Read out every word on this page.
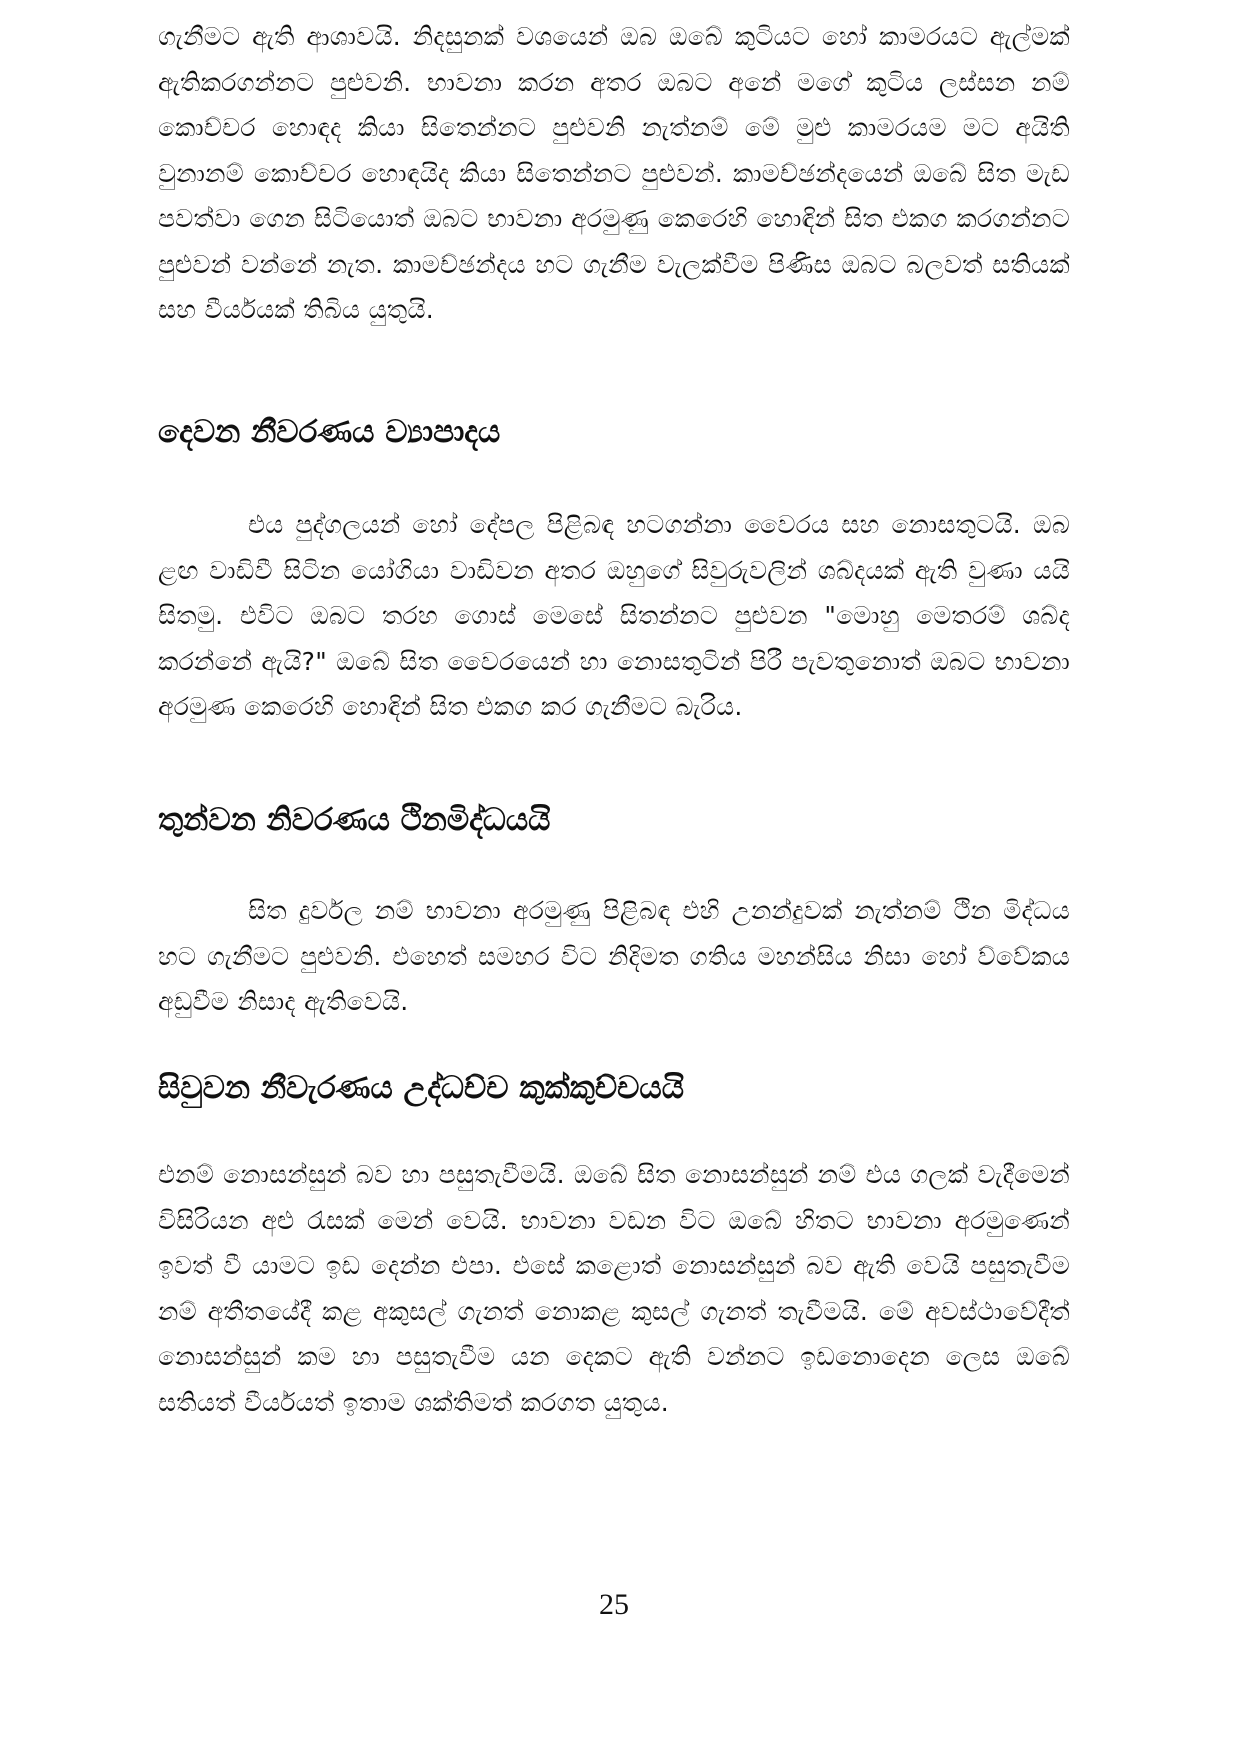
ගැනීමට ඇති ආශාවයි. නිදසුනක් වශයෙන් ඔබ ඔබේ කුටියට හෝ කාමරයට ඇල්මක් ඇතිකරගන්නට පුළුවනි. භාවනා කරන අතර ඔබට අනේ මගේ කුටිය ලස්සන නම් කොච්චර හොඳද කියා සිතෙන්නට පුළුවනි නැත්නම් මේ මුළු කාමරයම මට අයිති වුනානම් කොච්චර හොඳයිද කියා සිතෙන්නට පුළුවන්. කාමච්ඡන්දයෙන් ඔබේ සිත මැඩ පවත්වා ගෙන සිටියොත් ඔබට භාවනා අරමුණු කෙරෙහි හොඳින් සිත එකග කරගන්නට පුළුවන් වන්නේ නැත. කාමච්ඡන්දය හට ගැනීම වැලක්වීම පිණිස ඔබට බලවත් සතියක් සහ වීර්යයක් තිබිය යුතුයි.

දෙවන නීවරණය ව්‍යාපාදය

එය පුද්ගලයන් හෝ දේපල පිළිබඳ හටගන්නා වෛරය සහ නොසතුටයි. ඔබ ළඟ වාඩිවී සිටින යෝගියා වාඩිවන අතර ඔහුගේ සිවුරුවලින් ශබ්දයක් ඇති වුණා යයි සිතමු. එවිට ඔබට තරහ ගොස් මෙසේ සිතන්නට පුළුවන "මොහු මෙතරම් ශබ්ද කරන්නේ ඇයි?" ඔබේ සිත වෛරයෙන් හා නොසතුටින් පිරී පැවතුනොත් ඔබට භාවනා අරමුණ කෙරෙහි හොඳින් සිත එකග කර ගැනීමට බැරිය.

තුන්වන නිවරණය ථිනමිද්ධයයි

සිත දුර්වල නම් භාවනා අරමුණු පිළිබඳ එහි උනන්දුවක් නැත්නම් ථින මිද්ධය හට ගැනීමට පුළුවනි. එහෙත් සමහර විට නිදිමත ගතිය මහන්සිය නිසා හෝ ව්වේකය අඩුවීම නිසාද ඇතිවෙයි.

සිවුවන නීවැරණය උද්ධච්ච කුක්කුච්චයයි

එනම් නොසන්සුන් බව හා පසුතැවීමයි. ඔබේ සිත නොසන්සුන් නම් එය ගලක් වැදීමෙන් විසිරියන අළු රැසක් මෙන් වෙයි. භාවනා වඩන විට ඔබේ හිතට භාවනා අරමුණෙන් ඉවත් වී යාමට ඉඩ දෙන්න එපා. එසේ කළොත් නොසන්සුන් බව ඇති වෙයි පසුතැවීම නම් අතීතයේදී කළ අකුසල් ගැනත් නොකළ කුසල් ගැනත් තැවීමයි. මේ අවස්ථාවේදීත් නොසන්සුන් කම හා පසුතැවීම යන දෙකට ඇති වන්නට ඉඩනොදෙන ලෙස ඔබේ සතියත් වීර්යයත් ඉතාම ශක්තිමත් කරගත යුතුය.

25
